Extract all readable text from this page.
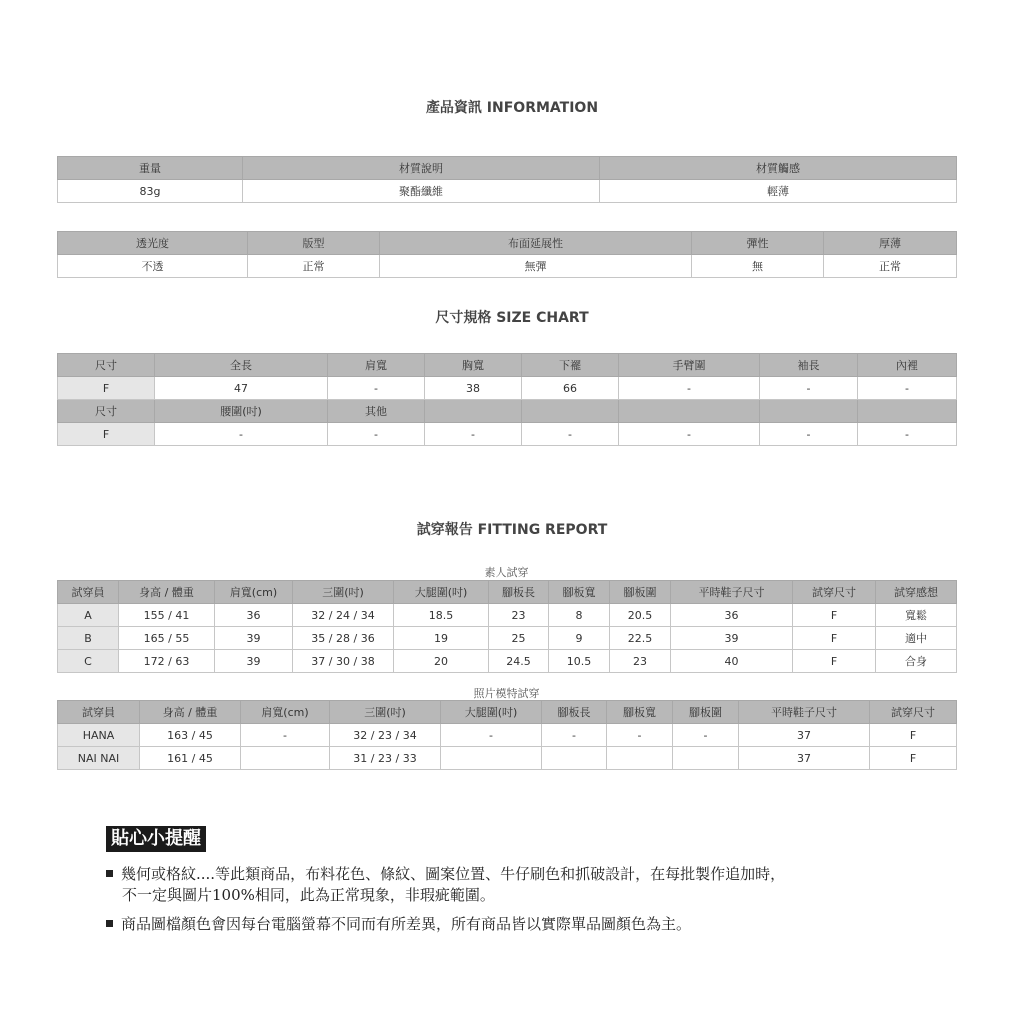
產品資訊 INFORMATION
重量	材質說明	材質觸感
83g	聚酯纖維	輕薄
透光度	版型	布面延展性	彈性	厚薄
不透	正常	無彈	無	正常
尺寸規格 SIZE CHART
尺寸	全長	肩寬	胸寬	下襬	手臂圍	袖長	內裡
F	47	-	38	66	-	-	-
尺寸	腰圍(吋)	其他					
F	-	-	-	-	-	-	-
試穿報告 FITTING REPORT
素人試穿
試穿員	身高 / 體重	肩寬(cm)	三圍(吋)	大腿圍(吋)	腳板長	腳板寬	腳板圍	平時鞋子尺寸	試穿尺寸	試穿感想
A	155 / 41	36	32 / 24 / 34	18.5	23	8	20.5	36	F	寬鬆
B	165 / 55	39	35 / 28 / 36	19	25	9	22.5	39	F	適中
C	172 / 63	39	37 / 30 / 38	20	24.5	10.5	23	40	F	合身
照片模特試穿
試穿員	身高 / 體重	肩寬(cm)	三圍(吋)	大腿圍(吋)	腳板長	腳板寬	腳板圍	平時鞋子尺寸	試穿尺寸
HANA	163 / 45	-	32 / 23 / 34	-	-	-	-	37	F
NAI NAI	161 / 45		31 / 23 / 33					37	F
貼心小提醒
幾何或格紋....等此類商品，布料花色、條紋、圖案位置、牛仔刷色和抓破設計，在每批製作追加時，
不一定與圖片100%相同，此為正常現象，非瑕疵範圍。
商品圖檔顏色會因每台電腦螢幕不同而有所差異，所有商品皆以實際單品圖顏色為主。
